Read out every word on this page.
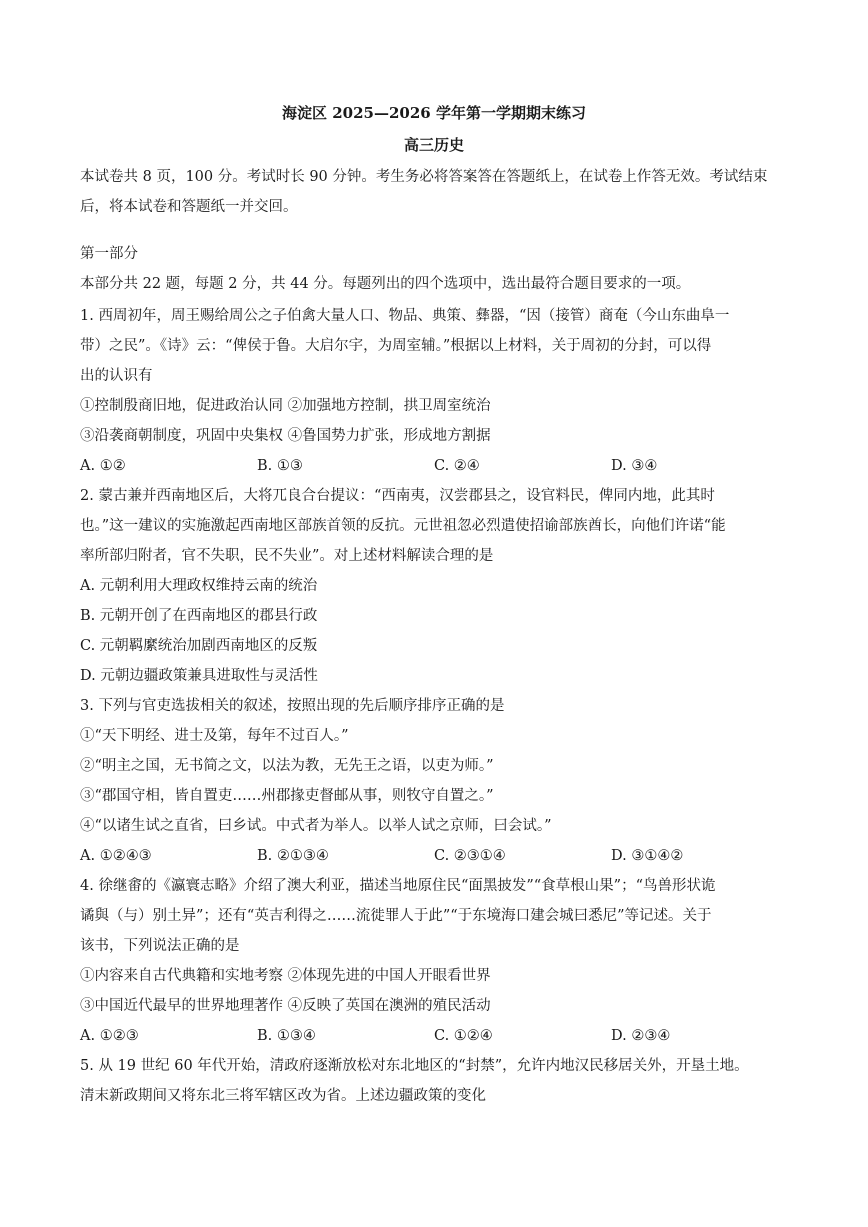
海淀区 2025—2026 学年第一学期期末练习
高三历史
本试卷共 8 页，100 分。考试时长 90 分钟。考生务必将答案答在答题纸上，在试卷上作答无效。考试结束
后，将本试卷和答题纸一并交回。
第一部分
本部分共 22 题，每题 2 分，共 44 分。每题列出的四个选项中，选出最符合题目要求的一项。
1. 西周初年，周王赐给周公之子伯禽大量人口、物品、典策、彝器，“因（接管）商奄（今山东曲阜一
带）之民”。《诗》云：“俾侯于鲁。大启尔宇，为周室辅。”根据以上材料，关于周初的分封，可以得
出的认识有
①控制殷商旧地，促进政治认同 ②加强地方控制，拱卫周室统治
③沿袭商朝制度，巩固中央集权 ④鲁国势力扩张，形成地方割据
A. ①②	B. ①③	C. ②④	D. ③④
2. 蒙古兼并西南地区后，大将兀良合台提议：“西南夷，汉尝郡县之，设官料民，俾同内地，此其时
也。”这一建议的实施激起西南地区部族首领的反抗。元世祖忽必烈遣使招谕部族酋长，向他们许诺“能
率所部归附者，官不失职，民不失业”。对上述材料解读合理的是
A. 元朝利用大理政权维持云南的统治
B. 元朝开创了在西南地区的郡县行政
C. 元朝羁縻统治加剧西南地区的反叛
D. 元朝边疆政策兼具进取性与灵活性
3. 下列与官吏选拔相关的叙述，按照出现的先后顺序排序正确的是
①“天下明经、进士及第，每年不过百人。”
②“明主之国，无书简之文，以法为教，无先王之语，以吏为师。”
③“郡国守相，皆自置吏……州郡掾吏督邮从事，则牧守自置之。”
④“以诸生试之直省，曰乡试。中式者为举人。以举人试之京师，曰会试。”
A. ①②④③	B. ②①③④	C. ②③①④	D. ③①④②
4. 徐继畬的《瀛寰志略》介绍了澳大利亚，描述当地原住民“面黑披发”“食草根山果”；“鸟兽形状诡
谲與（与）别土异”；还有“英吉利得之……流徙罪人于此”“于东境海口建会城曰悉尼”等记述。关于
该书，下列说法正确的是
①内容来自古代典籍和实地考察 ②体现先进的中国人开眼看世界
③中国近代最早的世界地理著作 ④反映了英国在澳洲的殖民活动
A. ①②③	B. ①③④	C. ①②④	D. ②③④
5. 从 19 世纪 60 年代开始，清政府逐渐放松对东北地区的“封禁”，允许内地汉民移居关外，开垦土地。
清末新政期间又将东北三将军辖区改为省。上述边疆政策的变化
